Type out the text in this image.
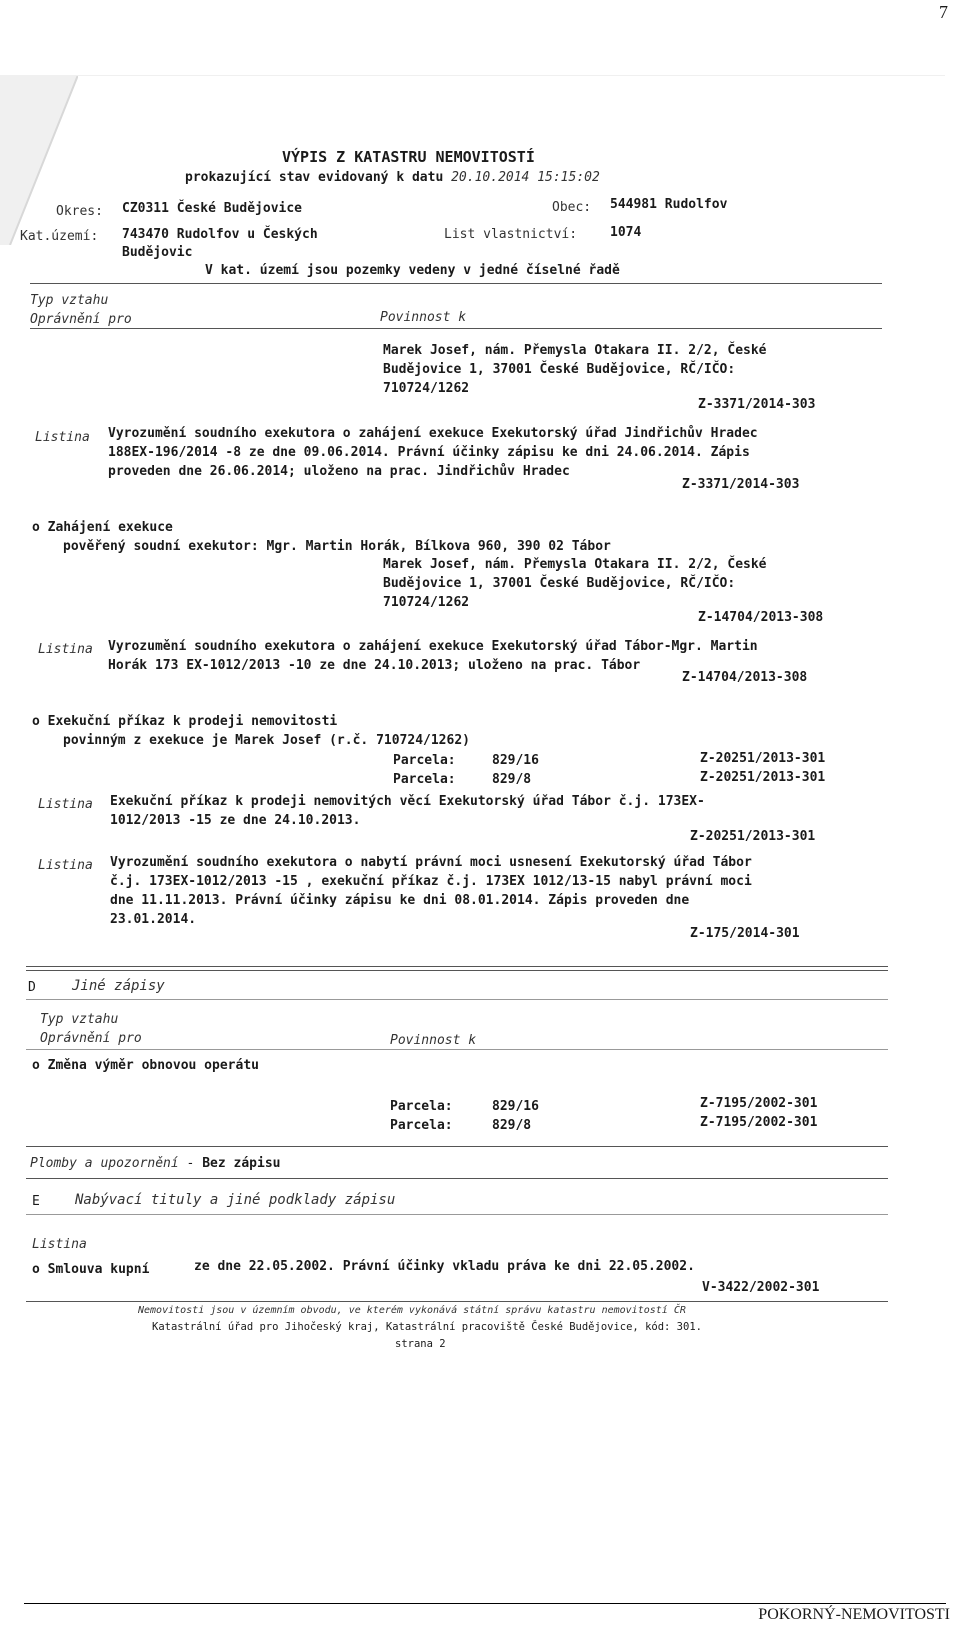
7
VÝPIS Z KATASTRU NEMOVITOSTÍ
prokazující stav evidovaný k datu 20.10.2014 15:15:02
Okres: CZ0311 České Budějovice	Obec: 544981 Rudolfov
Kat.území: 743470 Rudolfov u Českých
Budějovic
List vlastnictví:	1074
V kat. území jsou pozemky vedeny v jedné číselné řadě
Typ vztahu
Oprávnění pro	Povinnost k
Marek Josef, nám. Přemysla Otakara II. 2/2, České
Budějovice 1, 37001 České Budějovice, RČ/IČO:
710724/1262
Z-3371/2014-303
Listina Vyrozumění soudního exekutora o zahájení exekuce Exekutorský úřad Jindřichův Hradec
188EX-196/2014 -8 ze dne 09.06.2014. Právní účinky zápisu ke dni 24.06.2014. Zápis
proveden dne 26.06.2014; uloženo na prac. Jindřichův Hradec
Z-3371/2014-303
o Zahájení exekuce
pověřený soudní exekutor: Mgr. Martin Horák, Bílkova 960, 390 02 Tábor
Marek Josef, nám. Přemysla Otakara II. 2/2, České
Budějovice 1, 37001 České Budějovice, RČ/IČO:
710724/1262
Z-14704/2013-308
Listina Vyrozumění soudního exekutora o zahájení exekuce Exekutorský úřad Tábor-Mgr. Martin
Horák 173 EX-1012/2013 -10 ze dne 24.10.2013; uloženo na prac. Tábor
Z-14704/2013-308
o Exekuční příkaz k prodeji nemovitosti
povinným z exekuce je Marek Josef (r.č. 710724/1262)
Parcela:	829/16	Z-20251/2013-301
Parcela:	829/8	Z-20251/2013-301
Listina Exekuční příkaz k prodeji nemovitých věcí Exekutorský úřad Tábor č.j. 173EX-
1012/2013 -15 ze dne 24.10.2013.
Z-20251/2013-301
Listina Vyrozumění soudního exekutora o nabytí právní moci usnesení Exekutorský úřad Tábor
č.j. 173EX-1012/2013 -15 , exekuční příkaz č.j. 173EX 1012/13-15 nabyl právní moci
dne 11.11.2013. Právní účinky zápisu ke dni 08.01.2014. Zápis proveden dne
23.01.2014.
Z-175/2014-301
D	Jiné zápisy
Typ vztahu
Oprávnění pro	Povinnost k
o Změna výměr obnovou operátu
Parcela:	829/16	Z-7195/2002-301
Parcela:	829/8	Z-7195/2002-301
Plomby a upozornění - Bez zápisu
E	Nabývací tituly a jiné podklady zápisu
Listina
o Smlouva kupní	ze dne 22.05.2002. Právní účinky vkladu práva ke dni 22.05.2002.
V-3422/2002-301
Nemovitosti jsou v územním obvodu, ve kterém vykonává státní správu katastru nemovitostí ČR
Katastrální úřad pro Jihočeský kraj, Katastrální pracoviště České Budějovice, kód: 301.
strana 2
POKORNÝ-NEMOVITOSTI
